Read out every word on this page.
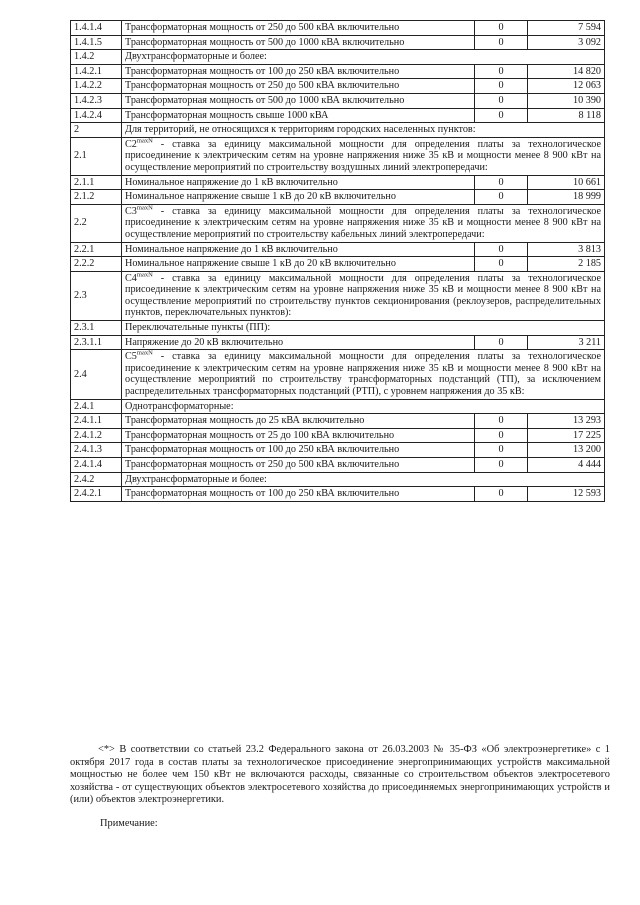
1.4.1.4	Трансформаторная мощность от 250 до 500 кВА включительно	0	7 594
1.4.1.5	Трансформаторная мощность от 500 до 1000 кВА включительно	0	3 092
1.4.2	Двухтрансформаторные и более:		
1.4.2.1	Трансформаторная мощность от 100 до 250 кВА включительно	0	14 820
1.4.2.2	Трансформаторная мощность от 250 до 500 кВА включительно	0	12 063
1.4.2.3	Трансформаторная мощность от 500 до 1000 кВА включительно	0	10 390
1.4.2.4	Трансформаторная мощность свыше 1000 кВА	0	8 118
2	Для территорий, не относящихся к территориям городских населенных пунктов:		
2.1	$C2^{maxN}$ - ставка за единицу максимальной мощности для определения платы за технологическое присоединение к электрическим сетям на уровне напряжения ниже 35 кВ и мощности менее 8 900 кВт на осуществление мероприятий по строительству воздушных линий электропередачи:		
2.1.1	Номинальное напряжение до 1 кВ включительно	0	10 661
2.1.2	Номинальное напряжение свыше 1 кВ до 20 кВ включительно	0	18 999
2.2	$C3^{maxN}$ - ставка за единицу максимальной мощности для определения платы за технологическое присоединение к электрическим сетям на уровне напряжения ниже 35 кВ и мощности менее 8 900 кВт на осуществление мероприятий по строительству кабельных линий электропередачи:		
2.2.1	Номинальное напряжение до 1 кВ включительно	0	3 813
2.2.2	Номинальное напряжение свыше 1 кВ до 20 кВ включительно	0	2 185
2.3	$C4^{maxN}$ - ставка за единицу максимальной мощности для определения платы за технологическое присоединение к электрическим сетям на уровне напряжения ниже 35 кВ и мощности менее 8 900 кВт на осуществление мероприятий по строительству пунктов секционирования (реклоузеров, распределительных пунктов, переключательных пунктов):		
2.3.1	Переключательные пункты (ПП):		
2.3.1.1	Напряжение до 20 кВ включительно	0	3 211
2.4	$C5^{maxN}$ - ставка за единицу максимальной мощности для определения платы за технологическое присоединение к электрическим сетям на уровне напряжения ниже 35 кВ и мощности менее 8 900 кВт на осуществление мероприятий по строительству трансформаторных подстанций (ТП), за исключением распределительных трансформаторных подстанций (РТП), с уровнем напряжения до 35 кВ:		
2.4.1	Однотрансформаторные:		
2.4.1.1	Трансформаторная мощность до 25 кВА включительно	0	13 293
2.4.1.2	Трансформаторная мощность от 25 до 100 кВА включительно	0	17 225
2.4.1.3	Трансформаторная мощность от 100 до 250 кВА включительно	0	13 200
2.4.1.4	Трансформаторная мощность от 250 до 500 кВА включительно	0	4 444
2.4.2	Двухтрансформаторные и более:		
2.4.2.1	Трансформаторная мощность от 100 до 250 кВА включительно	0	12 593
<*> В соответствии со статьей 23.2 Федерального закона от 26.03.2003 № 35-ФЗ «Об электроэнергетике» с 1 октября 2017 года в состав платы за технологическое присоединение энергопринимающих устройств максимальной мощностью не более чем 150 кВт не включаются расходы, связанные со строительством объектов электросетевого хозяйства - от существующих объектов электросетевого хозяйства до присоединяемых энергопринимающих устройств и (или) объектов электроэнергетики.
Примечание:
